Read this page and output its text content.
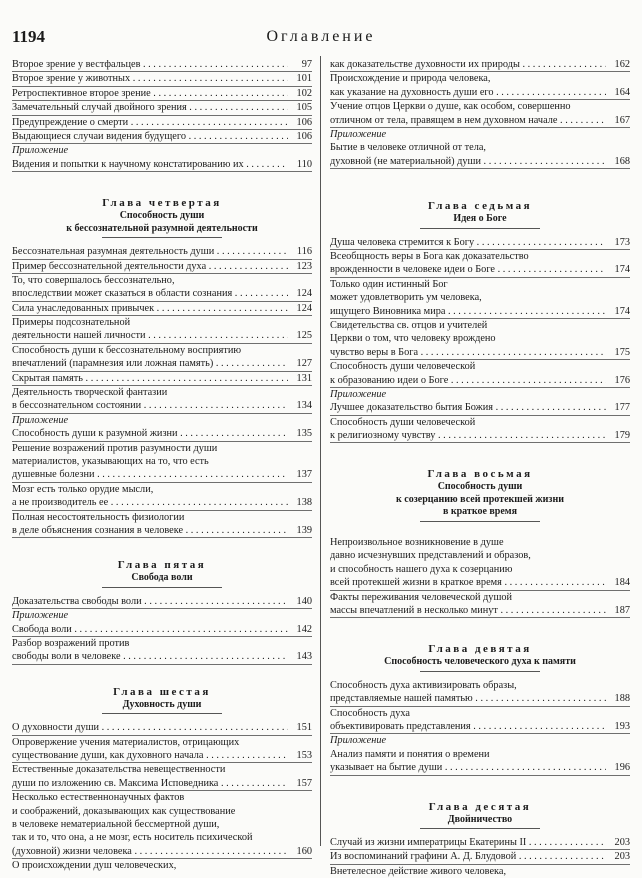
1194	Оглавление
Второе зрение у вестфальцев . . .	97
Второе зрение у животных . . .	101
Ретроспективное второе зрение . . .	102
Замечательный случай двойного зрения . . .	105
Предупреждение о смерти . . .	106
Выдающиеся случаи видения будущего . . .	106
Приложение
Видения и попытки к научному констатированию их . . .	110
Глава четвертая
Способность души
к бессознательной разумной деятельности
Бессознательная разумная деятельность души . . .	116
Пример бессознательной деятельности духа . . .	123
То, что совершалось бессознательно,
впоследствии может сказаться в области сознания . . .	124
Сила унаследованных привычек . . .	124
Примеры подсознательной
деятельности нашей личности . . .	125
Способность души к бессознательному восприятию
впечатлений (парамнезия или ложная память) . . .	127
Скрытая память . . .	131
Деятельность творческой фантазии
в бессознательном состоянии . . .	134
Приложение
Способность души к разумной жизни . . .	135
Решение возражений против разумности души
материалистов, указывающих на то, что есть
душевные болезни . . .	137
Мозг есть только орудие мысли,
а не производитель ее . . .	138
Полная несостоятельность физиологии
в деле объяснения сознания в человеке . . .	139
Глава пятая
Свобода воли
Доказательства свободы воли . . .	140
Приложение
Свобода воли . . .	142
Разбор возражений против
свободы воли в человеке . . .	143
Глава шестая
Духовность души
О духовности души . . .	151
Опровержение учения материалистов, отрицающих
существование души, как духовного начала . . .	153
Естественные доказательства невещественности
души по изложению св. Максима Исповедника . . .	157
Несколько естественнонаучных фактов
и соображений, доказывающих как существование
в человеке нематериальной бессмертной души,
так и то, что она, а не мозг, есть носитель психической
(духовной) жизни человека . . .	160
О происхождении душ человеческих,
как доказательстве духовности их природы . . .	162
Происхождение и природа человека,
как указание на духовность души его . . .	164
Учение отцов Церкви о душе, как особом, совершенно
отличном от тела, правящем в нем духовном начале . . .	167
Приложение
Бытие в человеке отличной от тела,
духовной (не материальной) души . . .	168
Глава седьмая
Идея о Боге
Душа человека стремится к Богу . . .	173
Всеобщность веры в Бога как доказательство
врожденности в человеке идеи о Боге . . .	174
Только один истинный Бог
может удовлетворить ум человека,
ищущего Виновника мира . . .	174
Свидетельства св. отцов и учителей
Церкви о том, что человеку врождено
чувство веры в Бога . . .	175
Способность души человеческой
к образованию идеи о Боге . . .	176
Приложение
Лучшее доказательство бытия Божия . . .	177
Способность души человеческой
к религиозному чувству . . .	179
Глава восьмая
Способность души
к созерцанию всей протекшей жизни
в краткое время
Непроизвольное возникновение в душе
давно исчезнувших представлений и образов,
и способность нашего духа к созерцанию
всей протекшей жизни в краткое время . . .	184
Факты переживания человеческой душой
массы впечатлений в несколько минут . . .	187
Глава девятая
Способность человеческого духа к памяти
Способность духа активизировать образы,
представляемые нашей памятью . . .	188
Способность духа
объективировать представления . . .	193
Приложение
Анализ памяти и понятия о времени
указывает на бытие души . . .	196
Глава десятая
Двойничество
Случай из жизни императрицы Екатерины II . . .	203
Из воспоминаний графини А. Д. Блудовой . . .	203
Внетелесное действие живого человека,
